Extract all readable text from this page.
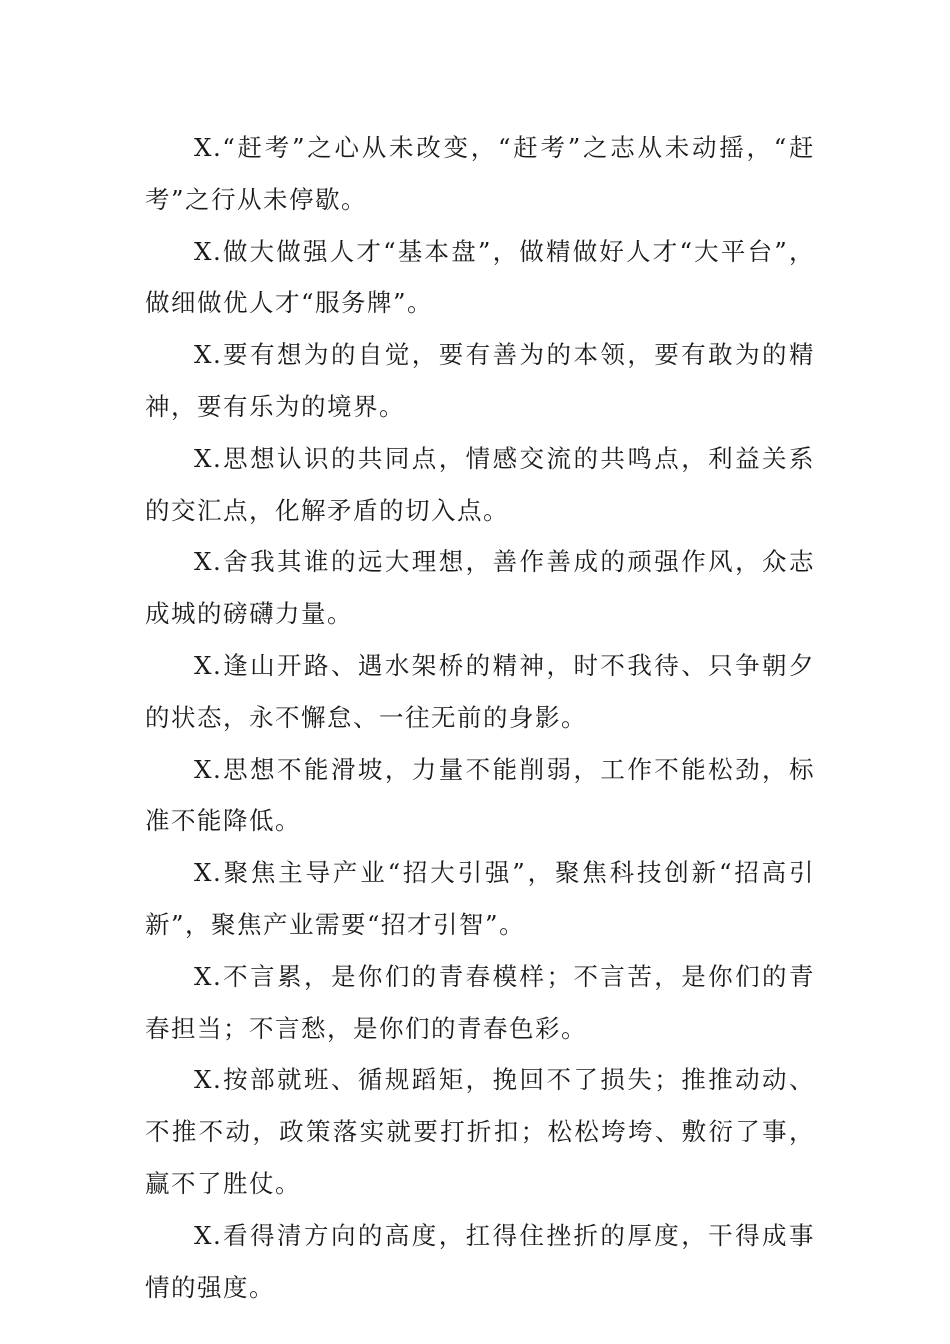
X.“赶考”之心从未改变，“赶考”之志从未动摇，“赶考”之行从未停歇。

X.做大做强人才“基本盘”，做精做好人才“大平台”，做细做优人才“服务牌”。

X.要有想为的自觉，要有善为的本领，要有敢为的精神，要有乐为的境界。

X.思想认识的共同点，情感交流的共鸣点，利益关系的交汇点，化解矛盾的切入点。

X.舍我其谁的远大理想，善作善成的顽强作风，众志成城的磅礴力量。

X.逢山开路、遇水架桥的精神，时不我待、只争朝夕的状态，永不懈怠、一往无前的身影。

X.思想不能滑坡，力量不能削弱，工作不能松劲，标准不能降低。

X.聚焦主导产业“招大引强”，聚焦科技创新“招高引新”，聚焦产业需要“招才引智”。

X.不言累，是你们的青春模样；不言苦，是你们的青春担当；不言愁，是你们的青春色彩。

X.按部就班、循规蹈矩，挽回不了损失；推推动动、不推不动，政策落实就要打折扣；松松垮垮、敷衍了事，赢不了胜仗。

X.看得清方向的高度，扛得住挫折的厚度，干得成事情的强度。
